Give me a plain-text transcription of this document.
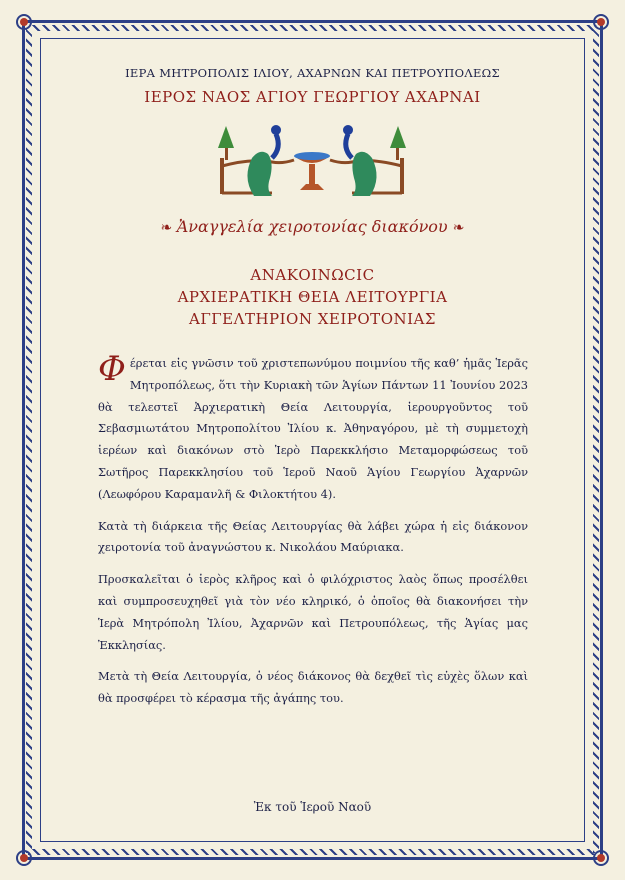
ΙΕΡΑ ΜΗΤΡΟΠΟΛΙΣ ΙΛΙΟΥ, ΑΧΑΡΝΩΝ ΚΑΙ ΠΕΤΡΟΥΠΟΛΕΩΣ
ΙΕΡΟΣ ΝΑΟΣ ΑΓΙΟΥ ΓΕΩΡΓΙΟΥ ΑΧΑΡΝΑΙ
❧ Ἀναγγελία χειροτονίας διακόνου ❧
ΑΝΑΚΟΙΝΩCΙC
ΑΡΧΙΕΡΑΤΙΚΗ ΘΕΙΑ ΛΕΙΤΟΥΡΓΙΑ
ΑΓΓΕΛΤΗΡΙΟΝ ΧΕΙΡΟΤΟΝΙΑΣ

Φέρεται εἰς γνῶσιν τοῦ χριστεπωνύμου ποιμνίου τῆς καθ’ ἡμᾶς Ἱερᾶς Μητροπόλεως, ὅτι τὴν Κυριακὴ τῶν Ἁγίων Πάντων 11 Ἰουνίου 2023 θὰ τελεστεῖ Ἀρχιερατικὴ Θεία Λειτουργία, ἱερουργοῦντος τοῦ Σεβασμιωτάτου Μητροπολίτου Ἰλίου κ. Ἀθηναγόρου, μὲ τὴ συμμετοχὴ ἱερέων καὶ διακόνων στὸ Ἱερὸ Παρεκκλήσιο Μεταμορφώσεως τοῦ Σωτῆρος Παρεκκλησίου τοῦ Ἱεροῦ Ναοῦ Ἁγίου Γεωργίου Ἀχαρνῶν (Λεωφόρου Καραμανλῆ & Φιλοκτήτου 4).

Κατὰ τὴ διάρκεια τῆς Θείας Λειτουργίας θὰ λάβει χώρα ἡ εἰς διάκονον χειροτονία τοῦ ἀναγνώστου κ. Νικολάου Μαύριακα.

Προσκαλεῖται ὁ ἱερὸς κλῆρος καὶ ὁ φιλόχριστος λαὸς ὅπως προσέλθει καὶ συμπροσευχηθεῖ γιὰ τὸν νέο κληρικό, ὁ ὁποῖος θὰ διακονήσει τὴν Ἱερὰ Μητρόπολη Ἰλίου, Ἀχαρνῶν καὶ Πετρουπόλεως, τῆς Ἁγίας μας Ἐκκλησίας.

Μετὰ τὴ Θεία Λειτουργία, ὁ νέος διάκονος θὰ δεχθεῖ τὶς εὐχὲς ὅλων καὶ θὰ προσφέρει τὸ κέρασμα τῆς ἀγάπης του.

Ἐκ τοῦ Ἱεροῦ Ναοῦ
